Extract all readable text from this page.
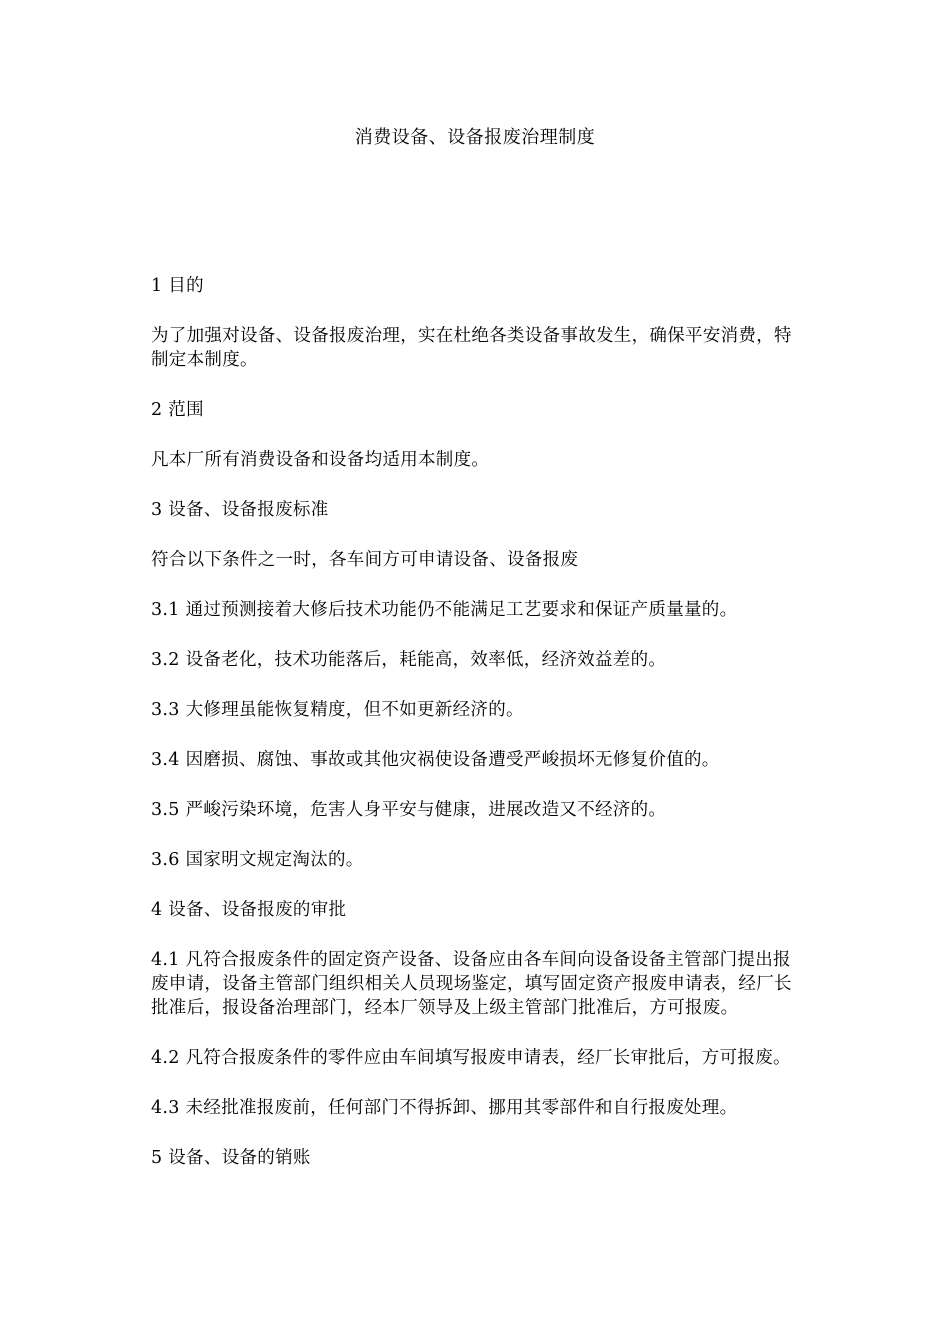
消费设备、设备报废治理制度

1 目的

为了加强对设备、设备报废治理，实在杜绝各类设备事故发生，确保平安消费，特制定本制度。

2 范围

凡本厂所有消费设备和设备均适用本制度。

3 设备、设备报废标准

符合以下条件之一时，各车间方可申请设备、设备报废

3.1 通过预测接着大修后技术功能仍不能满足工艺要求和保证产质量量的。

3.2 设备老化，技术功能落后，耗能高，效率低，经济效益差的。

3.3 大修理虽能恢复精度，但不如更新经济的。

3.4 因磨损、腐蚀、事故或其他灾祸使设备遭受严峻损坏无修复价值的。

3.5 严峻污染环境，危害人身平安与健康，进展改造又不经济的。

3.6 国家明文规定淘汰的。

4 设备、设备报废的审批

4.1 凡符合报废条件的固定资产设备、设备应由各车间向设备设备主管部门提出报废申请，设备主管部门组织相关人员现场鉴定，填写固定资产报废申请表，经厂长批准后，报设备治理部门，经本厂领导及上级主管部门批准后，方可报废。

4.2 凡符合报废条件的零件应由车间填写报废申请表，经厂长审批后，方可报废。

4.3 未经批准报废前，任何部门不得拆卸、挪用其零部件和自行报废处理。

5 设备、设备的销账
